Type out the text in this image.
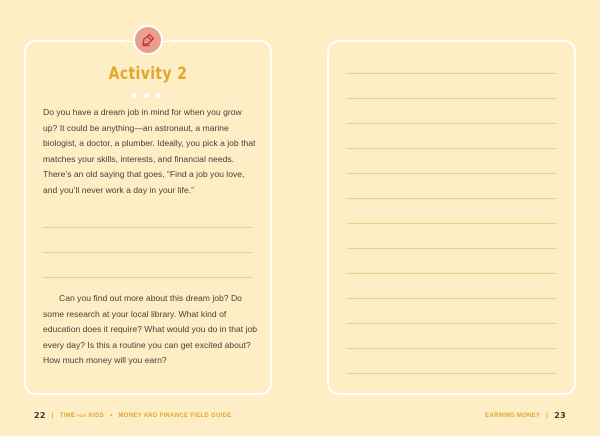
Activity 2
Do you have a dream job in mind for when you grow up? It could be anything—an astronaut, a marine biologist, a doctor, a plumber. Ideally, you pick a job that matches your skills, interests, and financial needs. There’s an old saying that goes, “Find a job you love, and you’ll never work a day in your life.”
Can you find out more about this dream job? Do some research at your local library. What kind of education does it require? What would you do in that job every day? Is this a routine you can get excited about? How much money will you earn?
22 | TIME FOR KIDS • MONEY AND FINANCE FIELD GUIDE	EARNING MONEY | 23
